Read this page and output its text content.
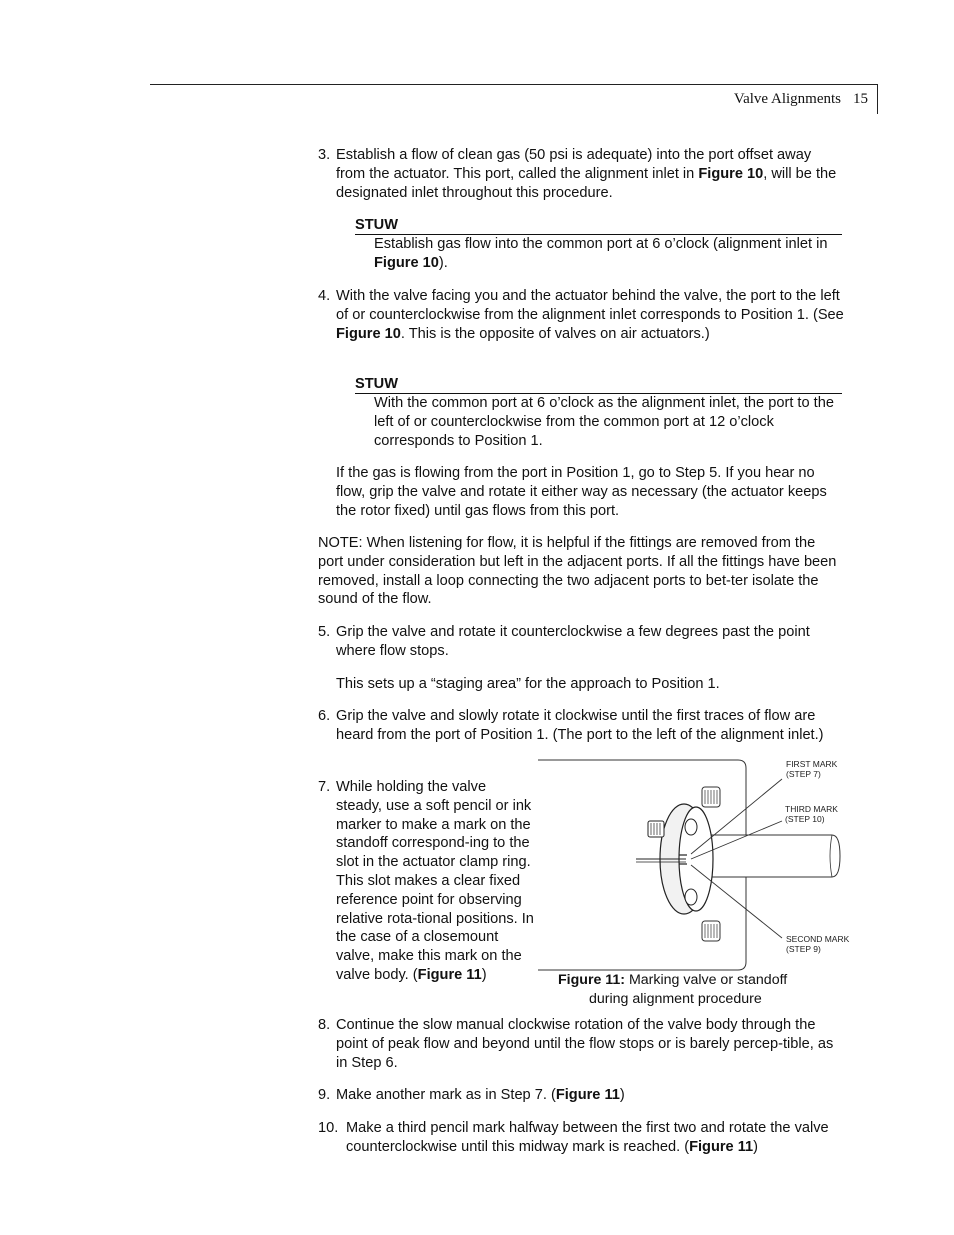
Valve Alignments 15
3. Establish a flow of clean gas (50 psi is adequate) into the port offset away from the actuator. This port, called the alignment inlet in Figure 10, will be the designated inlet throughout this procedure.
STUW
Establish gas flow into the common port at 6 o’clock (alignment inlet in Figure 10).
4. With the valve facing you and the actuator behind the valve, the port to the left of or counterclockwise from the alignment inlet corresponds to Position 1. (See Figure 10. This is the opposite of valves on air actuators.)
STUW
With the common port at 6 o’clock as the alignment inlet, the port to the left of or counterclockwise from the common port at 12 o’clock corresponds to Position 1.
If the gas is flowing from the port in Position 1, go to Step 5. If you hear no flow, grip the valve and rotate it either way as necessary (the actuator keeps the rotor fixed) until gas flows from this port.
NOTE: When listening for flow, it is helpful if the fittings are removed from the port under consideration but left in the adjacent ports. If all the fittings have been removed, install a loop connecting the two adjacent ports to bet-ter isolate the sound of the flow.
5. Grip the valve and rotate it counterclockwise a few degrees past the point where flow stops.
This sets up a “staging area” for the approach to Position 1.
6. Grip the valve and slowly rotate it clockwise until the first traces of flow are heard from the port of Position 1. (The port to the left of the alignment inlet.)
7. While holding the valve steady, use a soft pencil or ink marker to make a mark on the standoff correspond-ing to the slot in the actuator clamp ring. This slot makes a clear fixed reference point for observing relative rota-tional positions. In the case of a closemount valve, make this mark on the valve body. (Figure 11)
FIRST MARK
(STEP 7)
THIRD MARK
(STEP 10)
SECOND MARK
(STEP 9)
Figure 11: Marking valve or standoff
during alignment procedure
8. Continue the slow manual clockwise rotation of the valve body through the point of peak flow and beyond until the flow stops or is barely percep-tible, as in Step 6.
9. Make another mark as in Step 7. (Figure 11)
10. Make a third pencil mark halfway between the first two and rotate the valve counterclockwise until this midway mark is reached. (Figure 11)
